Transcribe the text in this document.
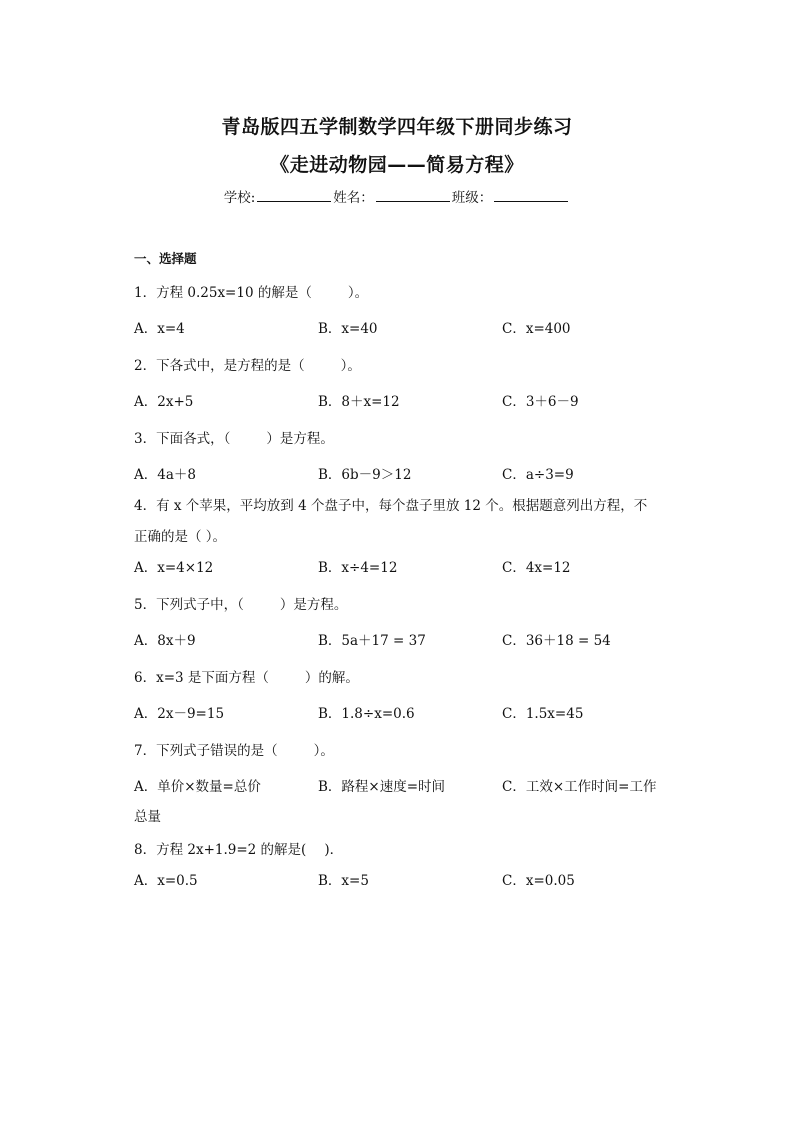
青岛版四五学制数学四年级下册同步练习
《走进动物园——简易方程》
学校:	姓名：	班级：
一、选择题
1．方程 0.25x=10 的解是（	）。
A．x=4	B．x=40	C．x=400
2．下各式中，是方程的是（	）。
A．2x+5	B．8＋x=12	C．3＋6－9
3．下面各式，（	）是方程。
A．4a＋8	B．6b－9＞12	C．a÷3=9
4．有 x 个苹果，平均放到 4 个盘子中，每个盘子里放 12 个。根据题意列出方程，不
正确的是（ ）。
A．x=4×12	B．x÷4=12	C．4x=12
5．下列式子中，（	）是方程。
A．8x＋9	B．5a＋17 = 37	C．36＋18 = 54
6．x=3 是下面方程（	）的解。
A．2x－9=15	B．1.8÷x=0.6	C．1.5x=45
7．下列式子错误的是（	）。
A．单价×数量=总价	B．路程×速度=时间	C．工效×工作时间=工作
总量
8．方程 2x+1.9=2 的解是( )．
A．x=0.5	B．x=5	C．x=0.05
